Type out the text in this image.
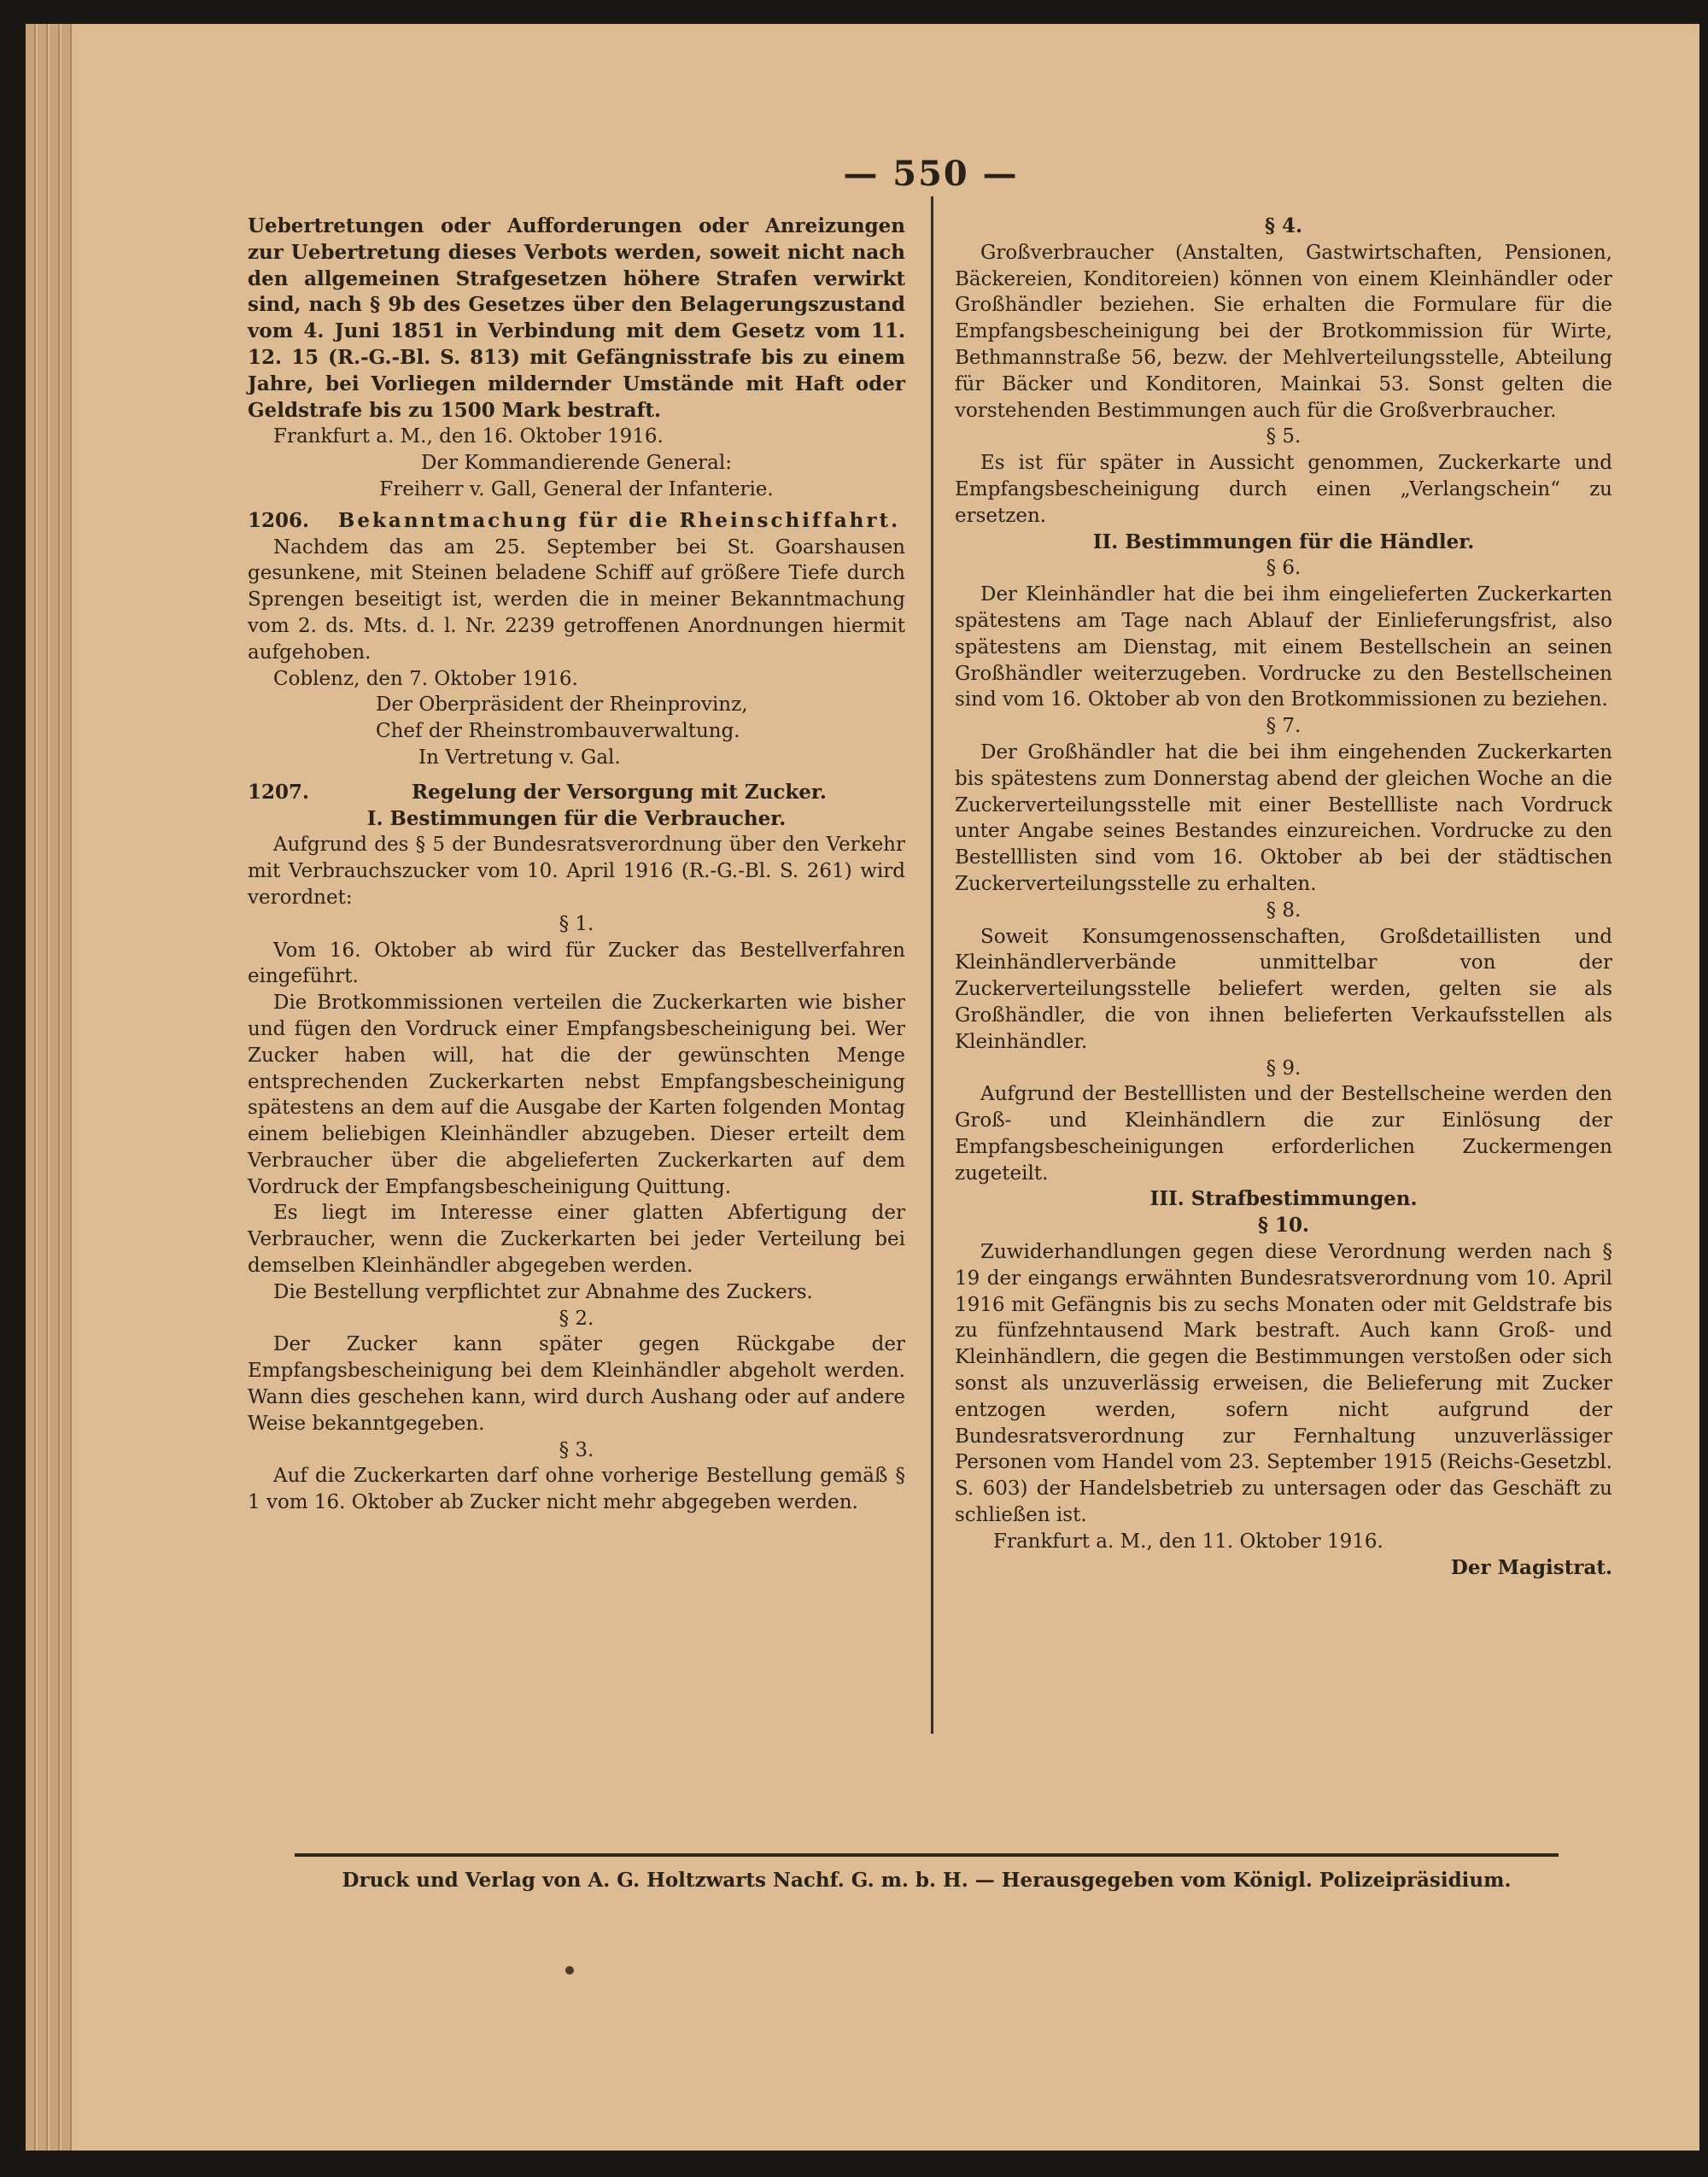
— 550 —

Uebertretungen oder Aufforderungen oder Anreizungen zur Uebertretung dieses Verbots werden, soweit nicht nach den allgemeinen Strafgesetzen höhere Strafen verwirkt sind, nach § 9b des Gesetzes über den Belagerungszustand vom 4. Juni 1851 in Verbindung mit dem Gesetz vom 11. 12. 15 (R.-G.-Bl. S. 813) mit Gefängnisstrafe bis zu einem Jahre, bei Vorliegen mildernder Umstände mit Haft oder Geldstrafe bis zu 1500 Mark bestraft.

Frankfurt a. M., den 16. Oktober 1916.

Der Kommandierende General:

Freiherr v. Gall, General der Infanterie.

1206.	Bekanntmachung für die Rheinschiffahrt.

Nachdem das am 25. September bei St. Goarshausen gesunkene, mit Steinen beladene Schiff auf größere Tiefe durch Sprengen beseitigt ist, werden die in meiner Bekanntmachung vom 2. ds. Mts. d. l. Nr. 2239 getroffenen Anordnungen hiermit aufgehoben.

Coblenz, den 7. Oktober 1916.

Der Oberpräsident der Rheinprovinz,

Chef der Rheinstrombauverwaltung.

In Vertretung v. Gal.

1207.	Regelung der Versorgung mit Zucker.

I. Bestimmungen für die Verbraucher.

Aufgrund des § 5 der Bundesratsverordnung über den Verkehr mit Verbrauchszucker vom 10. April 1916 (R.-G.-Bl. S. 261) wird verordnet:

§ 1.

Vom 16. Oktober ab wird für Zucker das Bestellverfahren eingeführt.

Die Brotkommissionen verteilen die Zuckerkarten wie bisher und fügen den Vordruck einer Empfangsbescheinigung bei. Wer Zucker haben will, hat die der gewünschten Menge entsprechenden Zuckerkarten nebst Empfangsbescheinigung spätestens an dem auf die Ausgabe der Karten folgenden Montag einem beliebigen Kleinhändler abzugeben. Dieser erteilt dem Verbraucher über die abgelieferten Zuckerkarten auf dem Vordruck der Empfangsbescheinigung Quittung.

Es liegt im Interesse einer glatten Abfertigung der Verbraucher, wenn die Zuckerkarten bei jeder Verteilung bei demselben Kleinhändler abgegeben werden.

Die Bestellung verpflichtet zur Abnahme des Zuckers.

§ 2.

Der Zucker kann später gegen Rückgabe der Empfangsbescheinigung bei dem Kleinhändler abgeholt werden. Wann dies geschehen kann, wird durch Aushang oder auf andere Weise bekanntgegeben.

§ 3.

Auf die Zuckerkarten darf ohne vorherige Bestellung gemäß § 1 vom 16. Oktober ab Zucker nicht mehr abgegeben werden.

§ 4.

Großverbraucher (Anstalten, Gastwirtschaften, Pensionen, Bäckereien, Konditoreien) können von einem Kleinhändler oder Großhändler beziehen. Sie erhalten die Formulare für die Empfangsbescheinigung bei der Brotkommission für Wirte, Bethmannstraße 56, bezw. der Mehlverteilungsstelle, Abteilung für Bäcker und Konditoren, Mainkai 53. Sonst gelten die vorstehenden Bestimmungen auch für die Großverbraucher.

§ 5.

Es ist für später in Aussicht genommen, Zuckerkarte und Empfangsbescheinigung durch einen „Verlangschein“ zu ersetzen.

II. Bestimmungen für die Händler.

§ 6.

Der Kleinhändler hat die bei ihm eingelieferten Zuckerkarten spätestens am Tage nach Ablauf der Einlieferungsfrist, also spätestens am Dienstag, mit einem Bestellschein an seinen Großhändler weiterzugeben. Vordrucke zu den Bestellscheinen sind vom 16. Oktober ab von den Brotkommissionen zu beziehen.

§ 7.

Der Großhändler hat die bei ihm eingehenden Zuckerkarten bis spätestens zum Donnerstag abend der gleichen Woche an die Zuckerverteilungsstelle mit einer Bestellliste nach Vordruck unter Angabe seines Bestandes einzureichen. Vordrucke zu den Bestelllisten sind vom 16. Oktober ab bei der städtischen Zuckerverteilungsstelle zu erhalten.

§ 8.

Soweit Konsumgenossenschaften, Großdetaillisten und Kleinhändlerverbände unmittelbar von der Zuckerverteilungsstelle beliefert werden, gelten sie als Großhändler, die von ihnen belieferten Verkaufsstellen als Kleinhändler.

§ 9.

Aufgrund der Bestelllisten und der Bestellscheine werden den Groß- und Kleinhändlern die zur Einlösung der Empfangsbescheinigungen erforderlichen Zuckermengen zugeteilt.

III. Strafbestimmungen.

§ 10.

Zuwiderhandlungen gegen diese Verordnung werden nach § 19 der eingangs erwähnten Bundesratsverordnung vom 10. April 1916 mit Gefängnis bis zu sechs Monaten oder mit Geldstrafe bis zu fünfzehntausend Mark bestraft. Auch kann Groß- und Kleinhändlern, die gegen die Bestimmungen verstoßen oder sich sonst als unzuverlässig erweisen, die Belieferung mit Zucker entzogen werden, sofern nicht aufgrund der Bundesratsverordnung zur Fernhaltung unzuverlässiger Personen vom Handel vom 23. September 1915 (Reichs-Gesetzbl. S. 603) der Handelsbetrieb zu untersagen oder das Geschäft zu schließen ist.

Frankfurt a. M., den 11. Oktober 1916.

Der Magistrat.

Druck und Verlag von A. G. Holtzwarts Nachf. G. m. b. H. — Herausgegeben vom Königl. Polizeipräsidium.
